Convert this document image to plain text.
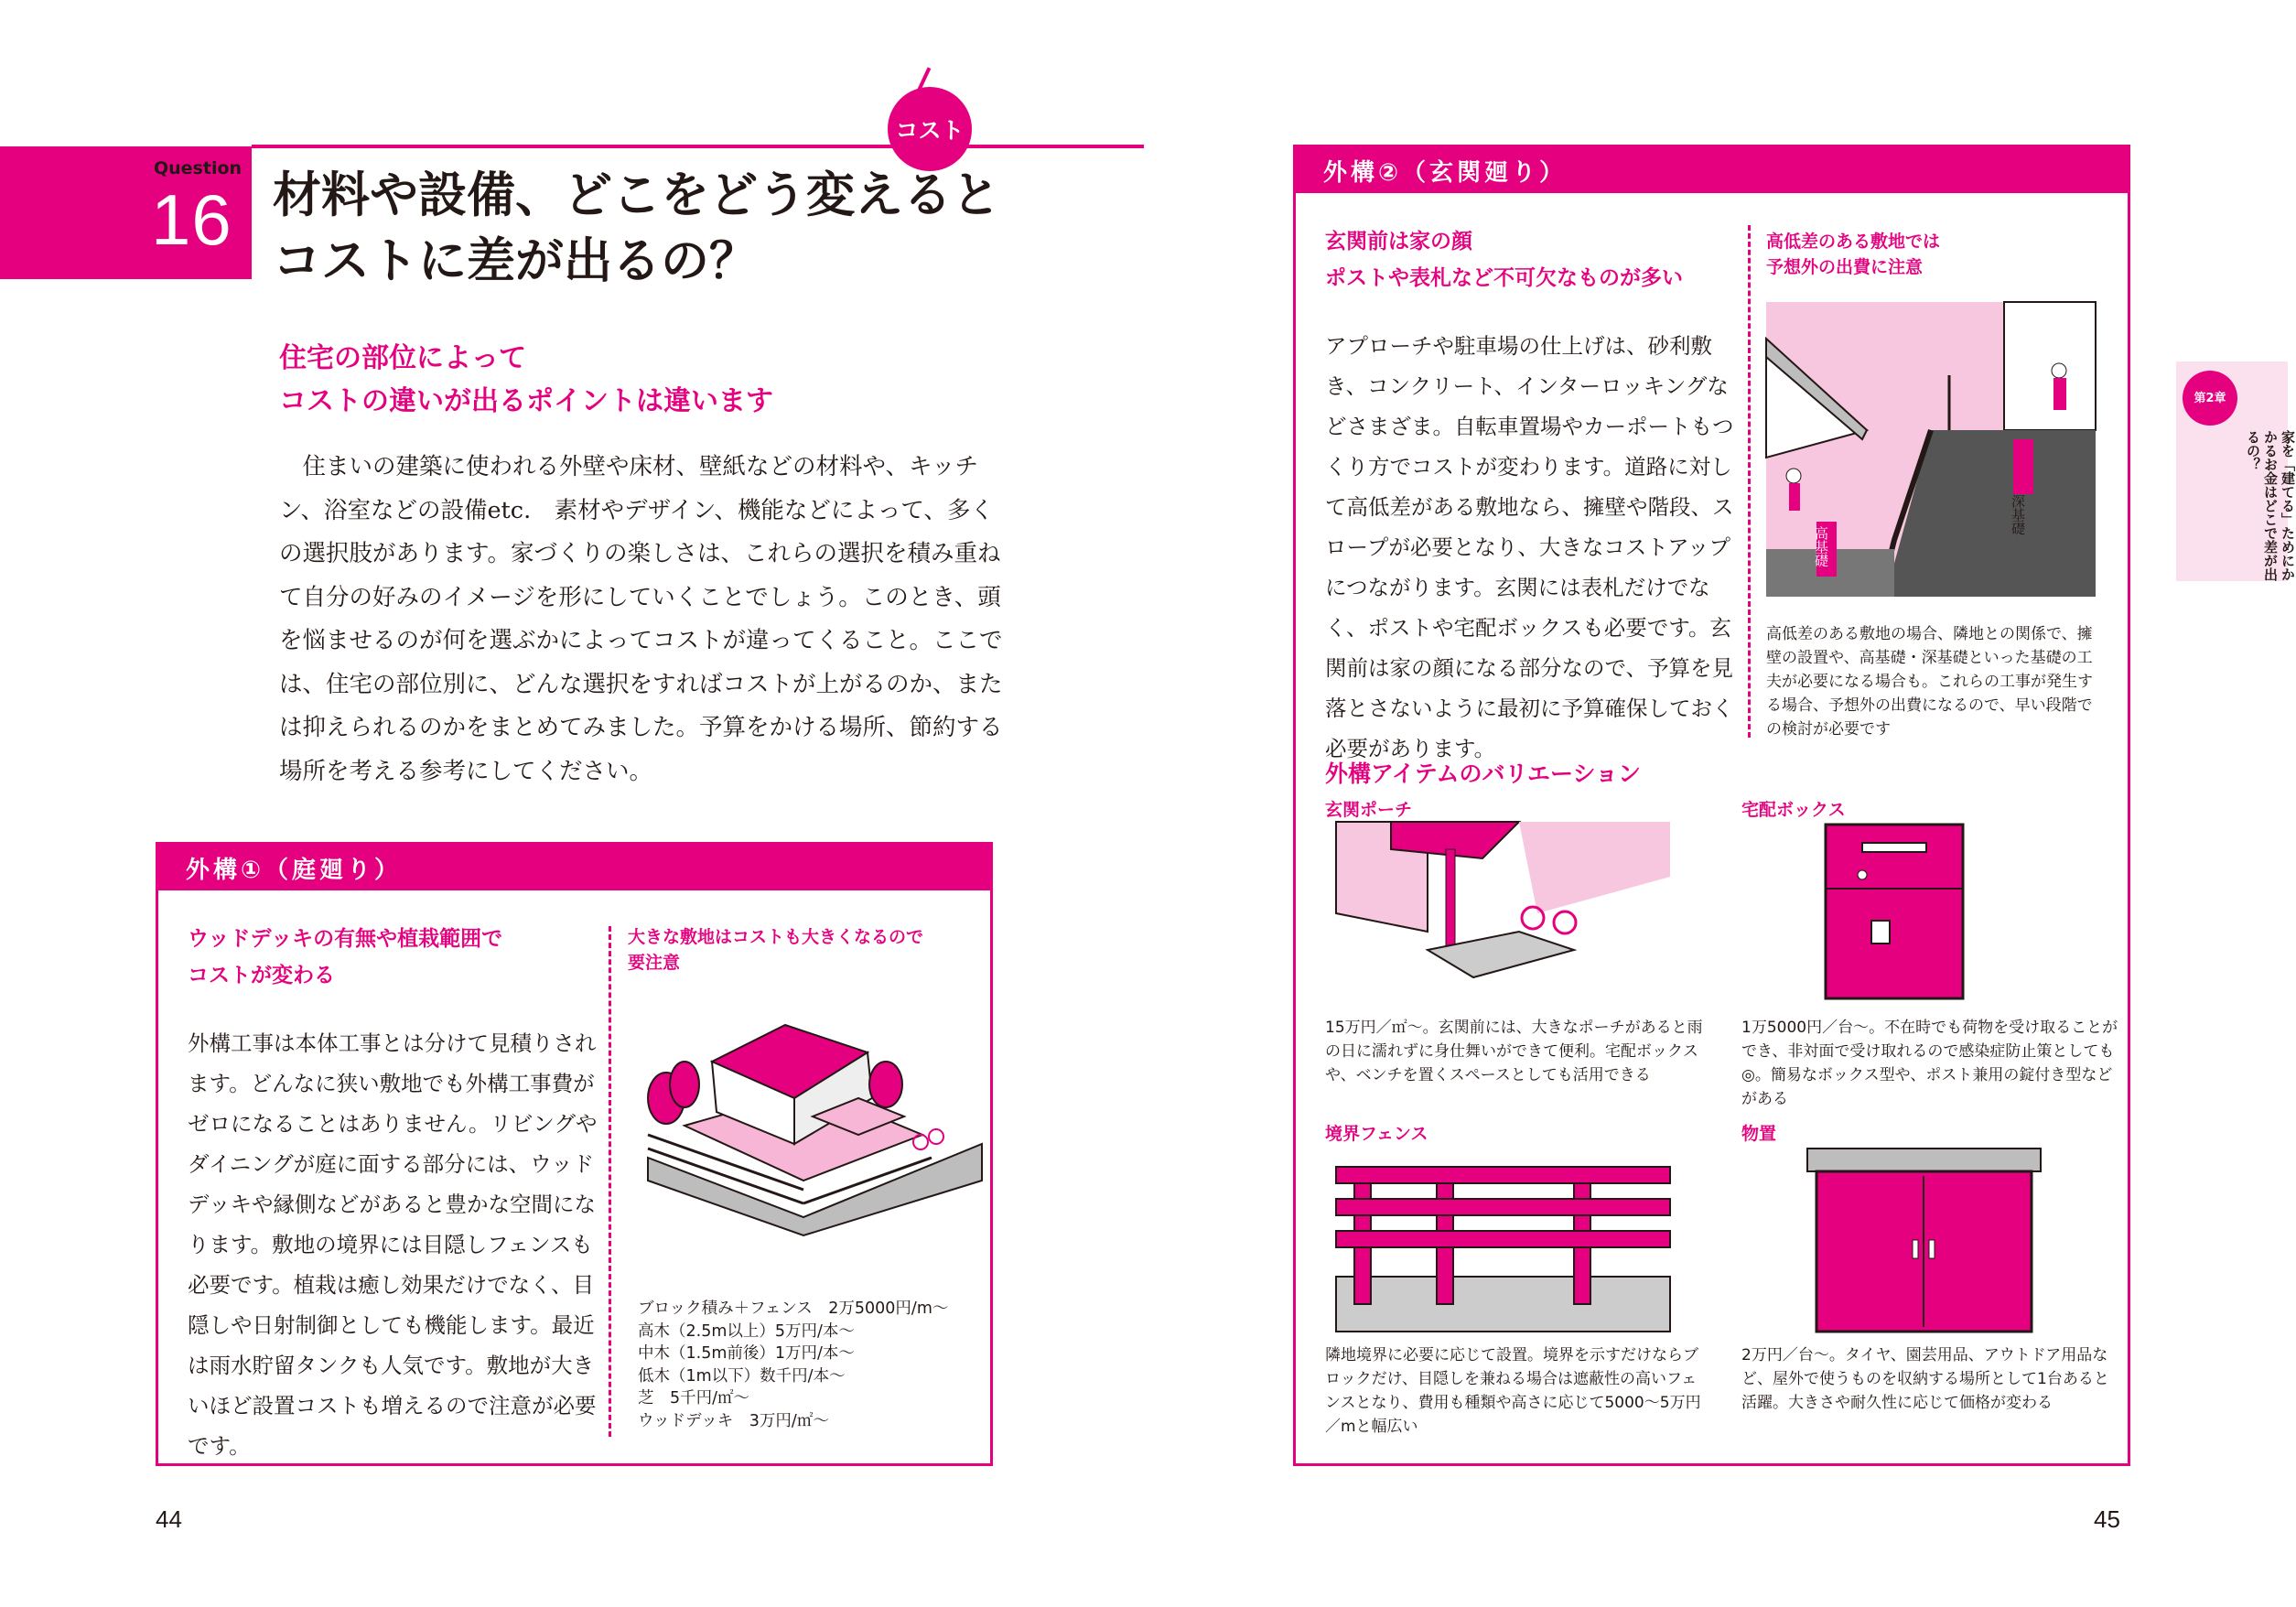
Question
16
コスト
材料や設備、どこをどう変えると
コストに差が出るの？
住宅の部位によって
コストの違いが出るポイントは違います
住まいの建築に使われる外壁や床材、壁紙などの材料や、キッチン、浴室などの設備etc.　素材やデザイン、機能などによって、多くの選択肢があります。家づくりの楽しさは、これらの選択を積み重ねて自分の好みのイメージを形にしていくことでしょう。このとき、頭を悩ませるのが何を選ぶかによってコストが違ってくること。ここでは、住宅の部位別に、どんな選択をすればコストが上がるのか、または抑えられるのかをまとめてみました。予算をかける場所、節約する場所を考える参考にしてください。
外構①（庭廻り）
ウッドデッキの有無や植栽範囲で
コストが変わる
外構工事は本体工事とは分けて見積りされます。どんなに狭い敷地でも外構工事費がゼロになることはありません。リビングやダイニングが庭に面する部分には、ウッドデッキや縁側などがあると豊かな空間になります。敷地の境界には目隠しフェンスも必要です。植栽は癒し効果だけでなく、目隠しや日射制御としても機能します。最近は雨水貯留タンクも人気です。敷地が大きいほど設置コストも増えるので注意が必要です。
大きな敷地はコストも大きくなるので
要注意
ブロック積み＋フェンス　2万5000円/m～
高木（2.5m以上）5万円/本～
中木（1.5m前後）1万円/本～
低木（1m以下）数千円/本～
芝　5千円/㎡～
ウッドデッキ　3万円/㎡～
44
外構②（玄関廻り）
玄関前は家の顔
ポストや表札など不可欠なものが多い
アプローチや駐車場の仕上げは、砂利敷き、コンクリート、インターロッキングなどさまざま。自転車置場やカーポートもつくり方でコストが変わります。道路に対して高低差がある敷地なら、擁壁や階段、スロープが必要となり、大きなコストアップにつながります。玄関には表札だけでなく、ポストや宅配ボックスも必要です。玄関前は家の顔になる部分なので、予算を見落とさないように最初に予算確保しておく必要があります。
高低差のある敷地では
予想外の出費に注意
深基礎
高基礎
高低差のある敷地の場合、隣地との関係で、擁壁の設置や、高基礎・深基礎といった基礎の工夫が必要になる場合も。これらの工事が発生する場合、予想外の出費になるので、早い段階での検討が必要です
外構アイテムのバリエーション
玄関ポーチ	宅配ボックス
境界フェンス	物置
15万円／㎡～。玄関前には、大きなポーチがあると雨の日に濡れずに身仕舞いができて便利。宅配ボックスや、ベンチを置くスペースとしても活用できる
1万5000円／台～。不在時でも荷物を受け取ることができ、非対面で受け取れるので感染症防止策としても◎。簡易なボックス型や、ポスト兼用の錠付き型などがある
隣地境界に必要に応じて設置。境界を示すだけならブロックだけ、目隠しを兼ねる場合は遮蔽性の高いフェンスとなり、費用も種類や高さに応じて5000～5万円／mと幅広い
2万円／台～。タイヤ、園芸用品、アウトドア用品など、屋外で使うものを収納する場所として1台あると活躍。大きさや耐久性に応じて価格が変わる
第2章
家を「建てる」ためにかかるお金はどこで差が出るの？
45
